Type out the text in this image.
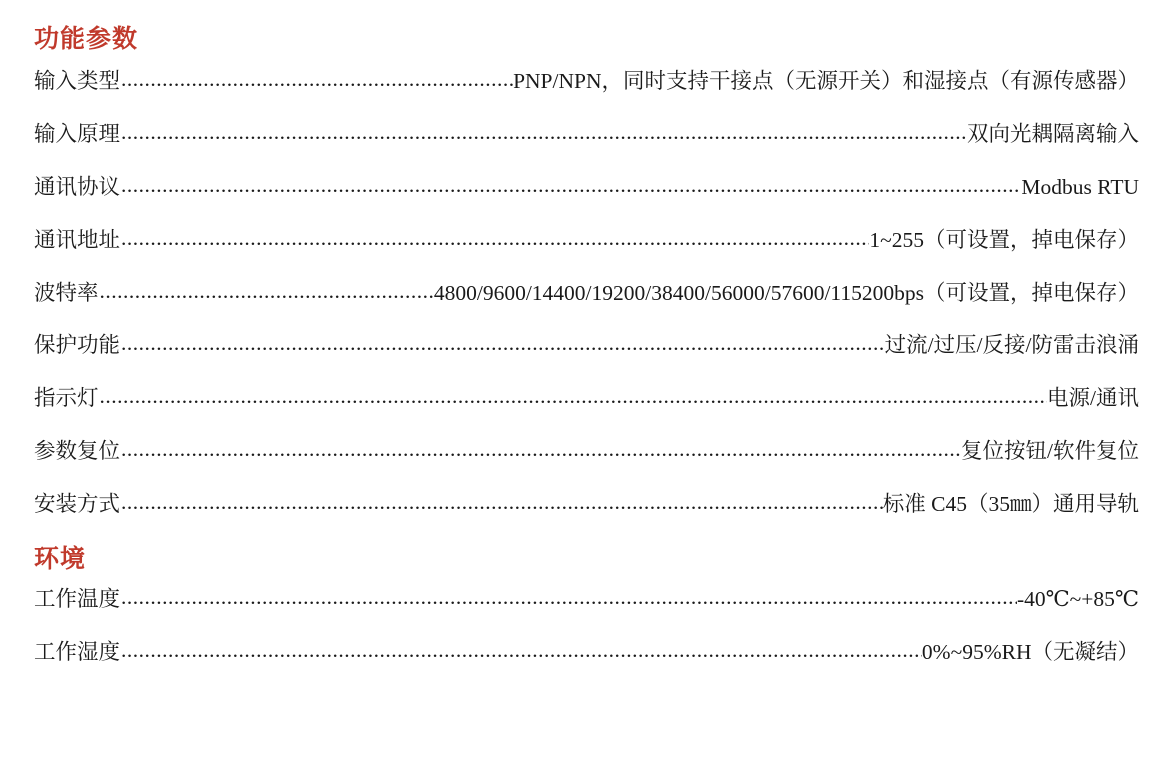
功能参数
输入类型 .....	PNP/NPN，同时支持干接点（无源开关）和湿接点（有源传感器）
输入原理 .....	双向光耦隔离输入
通讯协议 .....	Modbus RTU
通讯地址 .....	1~255（可设置，掉电保存）
波特率 .....	4800/9600/14400/19200/38400/56000/57600/115200bps（可设置，掉电保存）
保护功能 .....	过流/过压/反接/防雷击浪涌
指示灯 .....	电源/通讯
参数复位 .....	复位按钮/软件复位
安装方式 .....	标准 C45（35㎜）通用导轨
环境
工作温度 .....	-40℃~+85℃
工作湿度 .....	0%~95%RH（无凝结）
